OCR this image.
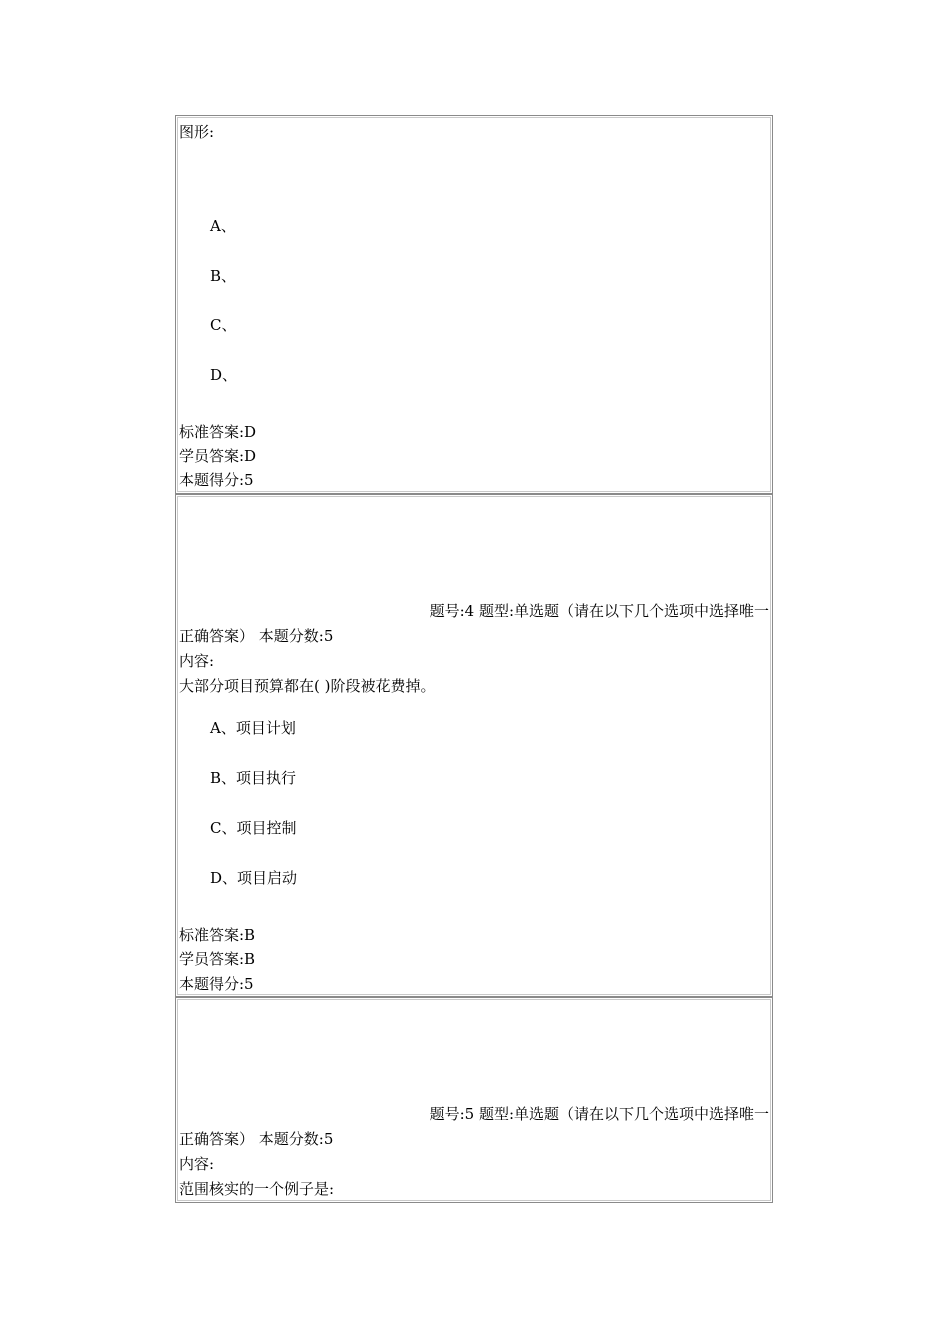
图形:
A、
B、
C、
D、
标准答案:D
学员答案:D
本题得分:5
题号:4 题型:单选题（请在以下几个选项中选择唯一
正确答案） 本题分数:5
内容:
大部分项目预算都在( )阶段被花费掉。
A、项目计划
B、项目执行
C、项目控制
D、项目启动
标准答案:B
学员答案:B
本题得分:5
题号:5 题型:单选题（请在以下几个选项中选择唯一
正确答案） 本题分数:5
内容:
范围核实的一个例子是:
